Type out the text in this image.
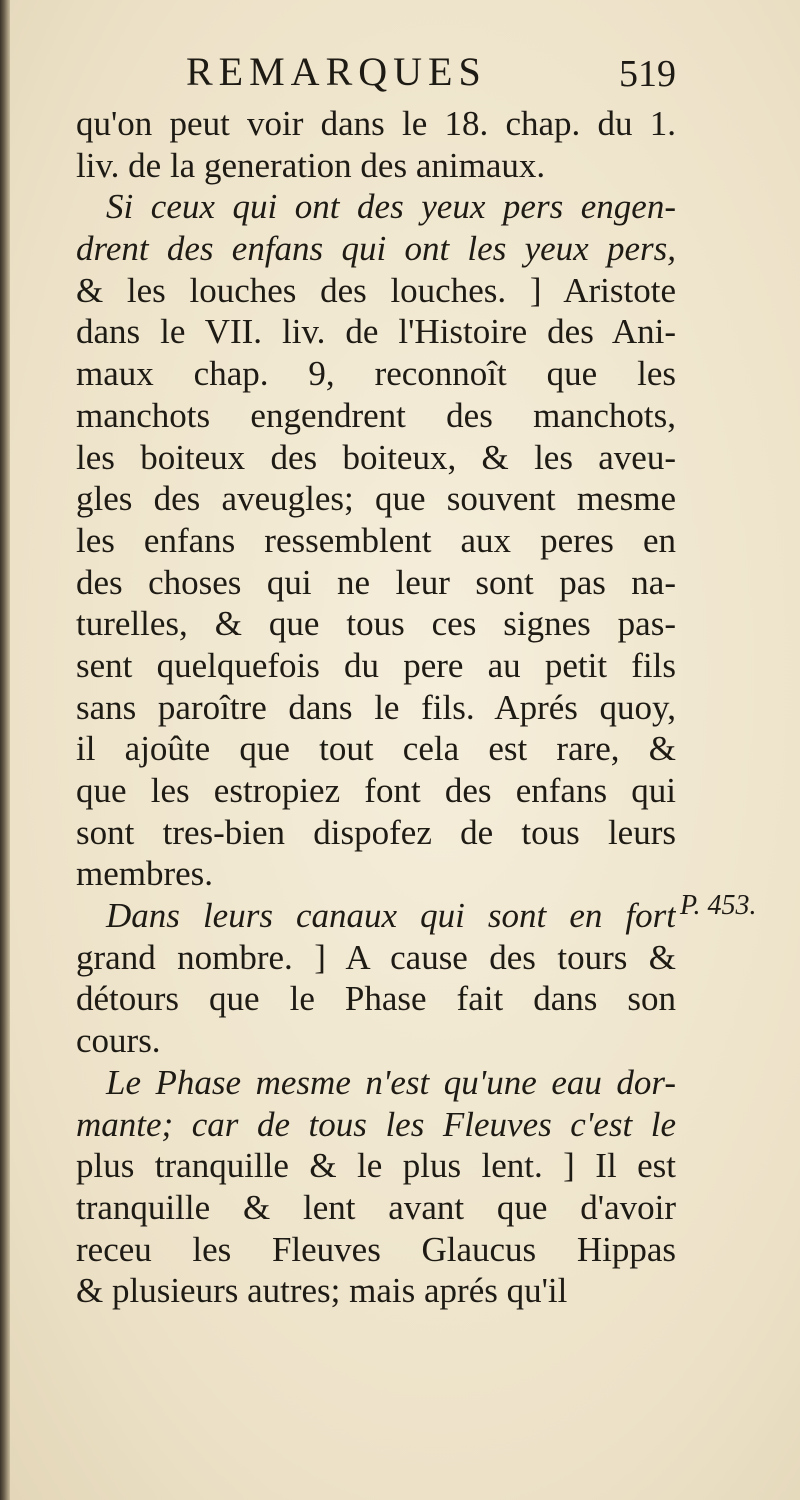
REMARQUES	519
qu'on peut voir dans le 18. chap. du 1.
liv. de la generation des animaux.
Si ceux qui ont des yeux pers engen-
drent des enfans qui ont les yeux pers,
& les louches des louches. ] Aristote
dans le VII. liv. de l'Histoire des Ani-
maux chap. 9, reconnoît que les
manchots engendrent des manchots,
les boiteux des boiteux, & les aveu-
gles des aveugles; que souvent mesme
les enfans ressemblent aux peres en
des choses qui ne leur sont pas na-
turelles, & que tous ces signes pas-
sent quelquefois du pere au petit fils
sans paroître dans le fils. Aprés quoy,
il ajoûte que tout cela est rare, &
que les estropiez font des enfans qui
sont tres-bien dispofez de tous leurs
membres.
Dans leurs canaux qui sont en fort
grand nombre. ] A cause des tours &
détours que le Phase fait dans son
cours.
Le Phase mesme n'est qu'une eau dor-
mante; car de tous les Fleuves c'est le
plus tranquille & le plus lent. ] Il est
tranquille & lent avant que d'avoir
receu les Fleuves Glaucus Hippas
& plusieurs autres; mais aprés qu'il
P. 453.
